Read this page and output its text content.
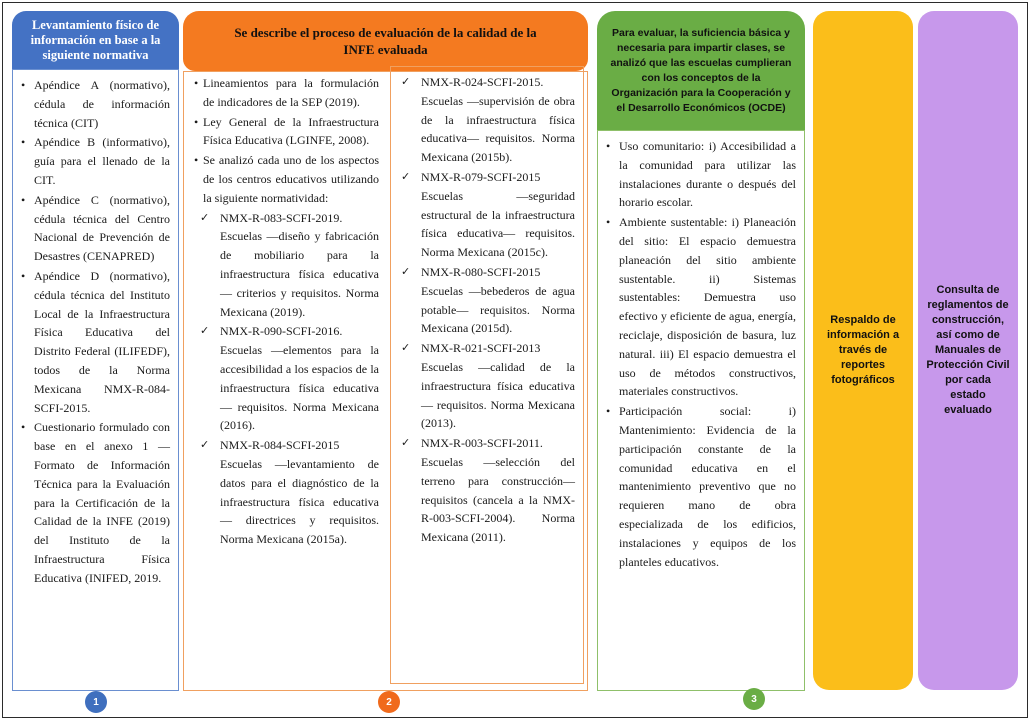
Levantamiento físico de información en base a la siguiente normativa
• Apéndice A (normativo), cédula de información técnica (CIT)
• Apéndice B (informativo), guía para el llenado de la CIT.
• Apéndice C (normativo), cédula técnica del Centro Nacional de Prevención de Desastres (CENAPRED)
• Apéndice D (normativo), cédula técnica del Instituto Local de la Infraestructura Física Educativa del Distrito Federal (ILIFEDF), todos de la Norma Mexicana NMX-R-084-SCFI-2015.
• Cuestionario formulado con base en el anexo 1 —Formato de Información Técnica para la Evaluación para la Certificación de la Calidad de la INFE (2019) del Instituto de la Infraestructura Física Educativa (INIFED, 2019.
1
Se describe el proceso de evaluación de la calidad de la INFE evaluada
• Lineamientos para la formulación de indicadores de la SEP (2019).
• Ley General de la Infraestructura Física Educativa (LGINFE, 2008).
• Se analizó cada uno de los aspectos de los centros educativos utilizando la siguiente normatividad:
✓ NMX-R-083-SCFI-2019. Escuelas —diseño y fabricación de mobiliario para la infraestructura física educativa— criterios y requisitos. Norma Mexicana (2019).
✓ NMX-R-090-SCFI-2016. Escuelas —elementos para la accesibilidad a los espacios de la infraestructura física educativa— requisitos. Norma Mexicana (2016).
✓ NMX-R-084-SCFI-2015 Escuelas —levantamiento de datos para el diagnóstico de la infraestructura física educativa— directrices y requisitos. Norma Mexicana (2015a).
✓ NMX-R-024-SCFI-2015. Escuelas —supervisión de obra de la infraestructura física educativa— requisitos. Norma Mexicana (2015b).
✓ NMX-R-079-SCFI-2015 Escuelas —seguridad estructural de la infraestructura física educativa— requisitos. Norma Mexicana (2015c).
✓ NMX-R-080-SCFI-2015 Escuelas —bebederos de agua potable— requisitos. Norma Mexicana (2015d).
✓ NMX-R-021-SCFI-2013 Escuelas —calidad de la infraestructura física educativa— requisitos. Norma Mexicana (2013).
✓ NMX-R-003-SCFI-2011. Escuelas —selección del terreno para construcción— requisitos (cancela a la NMX-R-003-SCFI-2004). Norma Mexicana (2011).
2
Para evaluar, la suficiencia básica y necesaria para impartir clases, se analizó que las escuelas cumplieran con los conceptos de la Organización para la Cooperación y el Desarrollo Económicos (OCDE)
• Uso comunitario: i) Accesibilidad a la comunidad para utilizar las instalaciones durante o después del horario escolar.
• Ambiente sustentable: i) Planeación del sitio: El espacio demuestra planeación del sitio ambiente sustentable. ii) Sistemas sustentables: Demuestra uso efectivo y eficiente de agua, energía, reciclaje, disposición de basura, luz natural. iii) El espacio demuestra el uso de métodos constructivos, materiales constructivos.
• Participación social: i) Mantenimiento: Evidencia de la participación constante de la comunidad educativa en el mantenimiento preventivo que no requieren mano de obra especializada de los edificios, instalaciones y equipos de los planteles educativos.
3
Respaldo de información a través de reportes fotográficos
Consulta de reglamentos de construcción, así como de Manuales de Protección Civil por cada estado evaluado
